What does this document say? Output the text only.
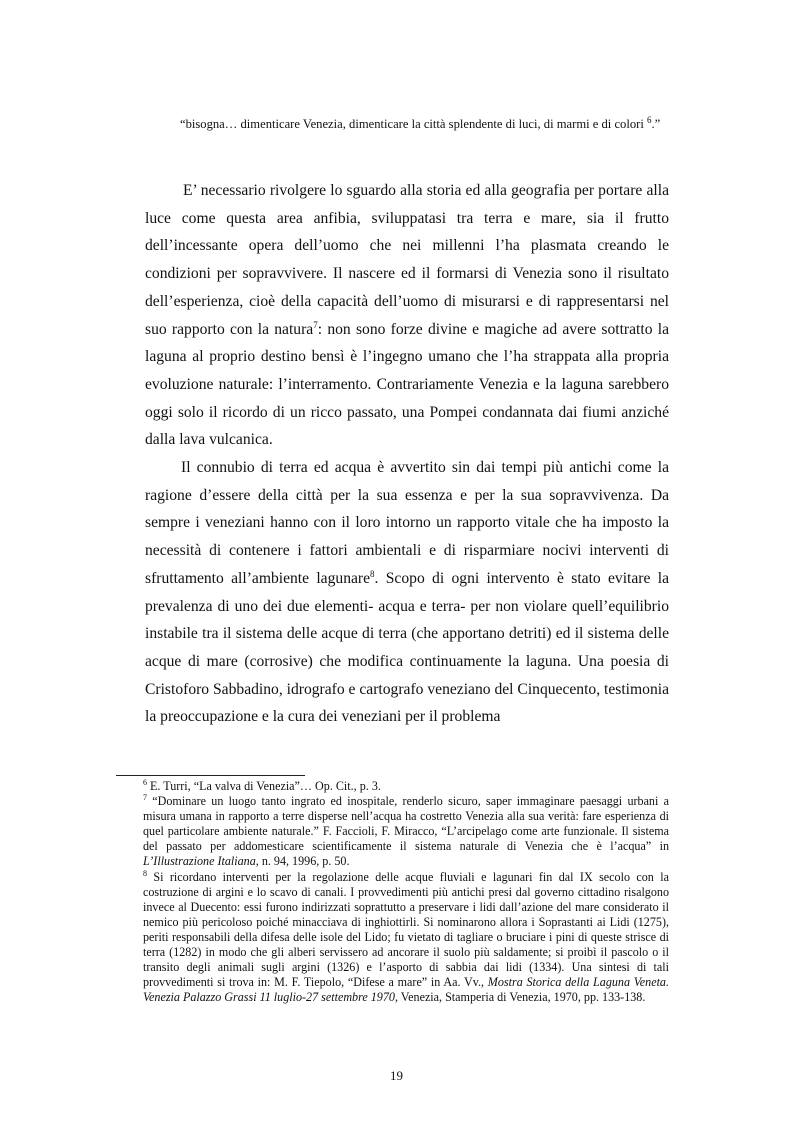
“bisogna… dimenticare Venezia, dimenticare la città splendente di luci, di marmi e di colori $^6$.”

E’ necessario rivolgere lo sguardo alla storia ed alla geografia per portare alla luce come questa area anfibia, sviluppatasi tra terra e mare, sia il frutto dell’incessante opera dell’uomo che nei millenni l’ha plasmata creando le condizioni per sopravvivere. Il nascere ed il formarsi di Venezia sono il risultato dell’esperienza, cioè della capacità dell’uomo di misurarsi e di rappresentarsi nel suo rapporto con la natura$^7$: non sono forze divine e magiche ad avere sottratto la laguna al proprio destino bensì è l’ingegno umano che l’ha strappata alla propria evoluzione naturale: l’interramento. Contrariamente Venezia e la laguna sarebbero oggi solo il ricordo di un ricco passato, una Pompei condannata dai fiumi anziché dalla lava vulcanica.

Il connubio di terra ed acqua è avvertito sin dai tempi più antichi come la ragione d’essere della città per la sua essenza e per la sua sopravvivenza. Da sempre i veneziani hanno con il loro intorno un rapporto vitale che ha imposto la necessità di contenere i fattori ambientali e di risparmiare nocivi interventi di sfruttamento all’ambiente lagunare$^8$. Scopo di ogni intervento è stato evitare la prevalenza di uno dei due elementi- acqua e terra- per non violare quell’equilibrio instabile tra il sistema delle acque di terra (che apportano detriti) ed il sistema delle acque di mare (corrosive) che modifica continuamente la laguna. Una poesia di Cristoforo Sabbadino, idrografo e cartografo veneziano del Cinquecento, testimonia la preoccupazione e la cura dei veneziani per il problema

$^6$ E. Turri, “La valva di Venezia”… Op. Cit., p. 3.

$^7$ “Dominare un luogo tanto ingrato ed inospitale, renderlo sicuro, saper immaginare paesaggi urbani a misura umana in rapporto a terre disperse nell’acqua ha costretto Venezia alla sua verità: fare esperienza di quel particolare ambiente naturale.” F. Faccioli, F. Miracco, “L’arcipelago come arte funzionale. Il sistema del passato per addomesticare scientificamente il sistema naturale di Venezia che è l’acqua” in L’Illustrazione Italiana, n. 94, 1996, p. 50.

$^8$ Si ricordano interventi per la regolazione delle acque fluviali e lagunari fin dal IX secolo con la costruzione di argini e lo scavo di canali. I provvedimenti più antichi presi dal governo cittadino risalgono invece al Duecento: essi furono indirizzati soprattutto a preservare i lidi dall’azione del mare considerato il nemico più pericoloso poiché minacciava di inghiottirli. Si nominarono allora i Soprastanti ai Lidi (1275), periti responsabili della difesa delle isole del Lido; fu vietato di tagliare o bruciare i pini di queste strisce di terra (1282) in modo che gli alberi servissero ad ancorare il suolo più saldamente; si proibì il pascolo o il transito degli animali sugli argini (1326) e l’asporto di sabbia dai lidi (1334). Una sintesi di tali provvedimenti si trova in: M. F. Tiepolo, “Difese a mare” in Aa. Vv., Mostra Storica della Laguna Veneta. Venezia Palazzo Grassi 11 luglio-27 settembre 1970, Venezia, Stamperia di Venezia, 1970, pp. 133-138.

19
